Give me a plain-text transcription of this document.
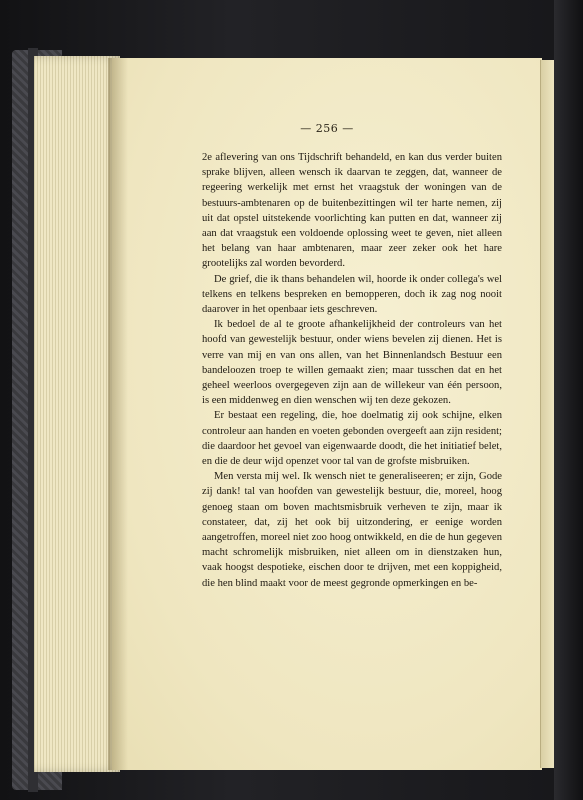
— 256 —

2e aflevering van ons Tijdschrift behandeld, en kan dus verder buiten sprake blijven, alleen wensch ik daarvan te zeggen, dat, wanneer de regeering werkelijk met ernst het vraagstuk der woningen van de bestuurs-ambtenaren op de buitenbezittingen wil ter harte nemen, zij uit dat opstel uitstekende voorlichting kan putten en dat, wanneer zij aan dat vraagstuk een voldoende oplossing weet te geven, niet alleen het belang van haar ambtenaren, maar zeer zeker ook het hare grootelijks zal worden bevorderd.

De grief, die ik thans behandelen wil, hoorde ik onder collega's wel telkens en telkens bespreken en bemopperen, doch ik zag nog nooit daarover in het openbaar iets geschreven.

Ik bedoel de al te groote afhankelijkheid der controleurs van het hoofd van gewestelijk bestuur, onder wiens bevelen zij dienen. Het is verre van mij en van ons allen, van het Binnenlandsch Bestuur een bandeloozen troep te willen gemaakt zien; maar tusschen dat en het geheel weerloos overgegeven zijn aan de willekeur van één persoon, is een middenweg en dien wenschen wij ten deze gekozen.

Er bestaat een regeling, die, hoe doelmatig zij ook schijne, elken controleur aan handen en voeten gebonden overgeeft aan zijn resident; die daardoor het gevoel van eigenwaarde doodt, die het initiatief belet, en die de deur wijd openzet voor tal van de grofste misbruiken.

Men versta mij wel. Ik wensch niet te generaliseeren; er zijn, Gode zij dank! tal van hoofden van gewestelijk bestuur, die, moreel, hoog genoeg staan om boven machtsmisbruik verheven te zijn, maar ik constateer, dat, zij het ook bij uitzondering, er eenige worden aangetroffen, moreel niet zoo hoog ontwikkeld, en die de hun gegeven macht schromelijk misbruiken, niet alleen om in dienstzaken hun, vaak hoogst despotieke, eischen door te drijven, met een koppigheid, die hen blind maakt voor de meest gegronde opmerkingen en be-
